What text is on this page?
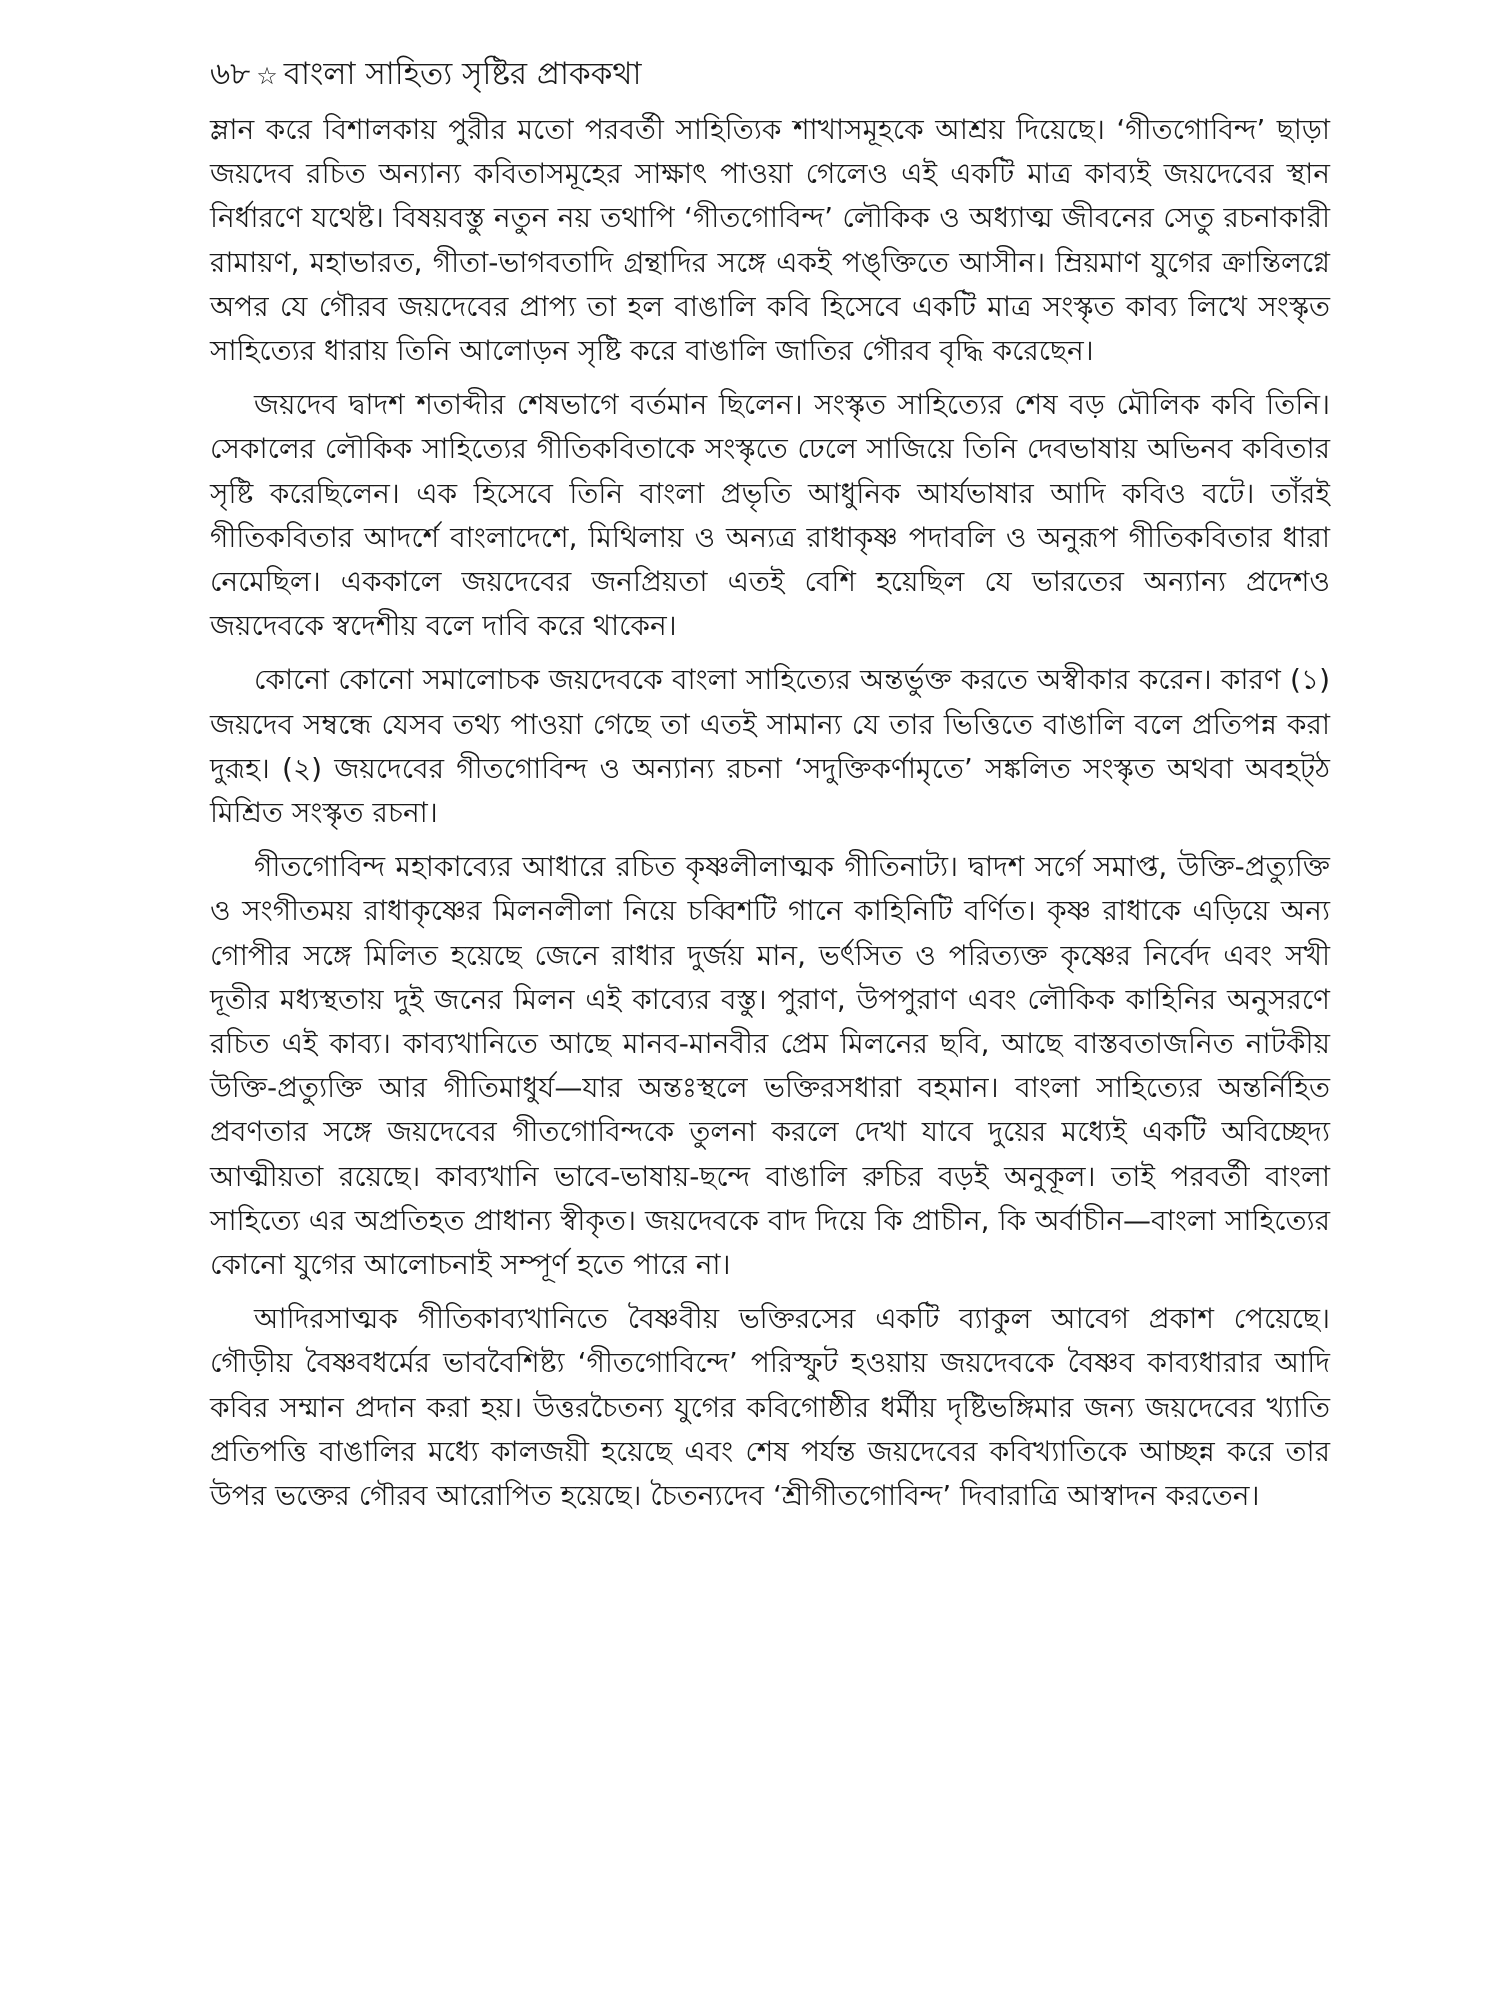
৬৮ ☆ বাংলা সাহিত্য সৃষ্টির প্রাককথা

ম্লান করে বিশালকায় পুরীর মতো পরবর্তী সাহিত্যিক শাখাসমূহকে আশ্রয় দিয়েছে। ‘গীতগোবিন্দ’ ছাড়া জয়দেব রচিত অন্যান্য কবিতাসমূহের সাক্ষাৎ পাওয়া গেলেও এই একটি মাত্র কাব্যই জয়দেবের স্থান নির্ধারণে যথেষ্ট। বিষয়বস্তু নতুন নয় তথাপি ‘গীতগোবিন্দ’ লৌকিক ও অধ্যাত্ম জীবনের সেতু রচনাকারী রামায়ণ, মহাভারত, গীতা-ভাগবতাদি গ্রন্থাদির সঙ্গে একই পঙ্‌ক্তিতে আসীন। ম্রিয়মাণ যুগের ক্রান্তিলগ্নে অপর যে গৌরব জয়দেবের প্রাপ্য তা হল বাঙালি কবি হিসেবে একটি মাত্র সংস্কৃত কাব্য লিখে সংস্কৃত সাহিত্যের ধারায় তিনি আলোড়ন সৃষ্টি করে বাঙালি জাতির গৌরব বৃদ্ধি করেছেন।

জয়দেব দ্বাদশ শতাব্দীর শেষভাগে বর্তমান ছিলেন। সংস্কৃত সাহিত্যের শেষ বড় মৌলিক কবি তিনি। সেকালের লৌকিক সাহিত্যের গীতিকবিতাকে সংস্কৃতে ঢেলে সাজিয়ে তিনি দেবভাষায় অভিনব কবিতার সৃষ্টি করেছিলেন। এক হিসেবে তিনি বাংলা প্রভৃতি আধুনিক আর্যভাষার আদি কবিও বটে। তাঁরই গীতিকবিতার আদর্শে বাংলাদেশে, মিথিলায় ও অন্যত্র রাধাকৃষ্ণ পদাবলি ও অনুরূপ গীতিকবিতার ধারা নেমেছিল। এককালে জয়দেবের জনপ্রিয়তা এতই বেশি হয়েছিল যে ভারতের অন্যান্য প্রদেশও জয়দেবকে স্বদেশীয় বলে দাবি করে থাকেন।

কোনো কোনো সমালোচক জয়দেবকে বাংলা সাহিত্যের অন্তর্ভুক্ত করতে অস্বীকার করেন। কারণ (১) জয়দেব সম্বন্ধে যেসব তথ্য পাওয়া গেছে তা এতই সামান্য যে তার ভিত্তিতে বাঙালি বলে প্রতিপন্ন করা দুরূহ। (২) জয়দেবের গীতগোবিন্দ ও অন্যান্য রচনা ‘সদুক্তিকর্ণামৃতে’ সঙ্কলিত সংস্কৃত অথবা অবহট্‌ঠ মিশ্রিত সংস্কৃত রচনা।

গীতগোবিন্দ মহাকাব্যের আধারে রচিত কৃষ্ণলীলাত্মক গীতিনাট্য। দ্বাদশ সর্গে সমাপ্ত, উক্তি-প্রত্যুক্তি ও সংগীতময় রাধাকৃষ্ণের মিলনলীলা নিয়ে চব্বিশটি গানে কাহিনিটি বর্ণিত। কৃষ্ণ রাধাকে এড়িয়ে অন্য গোপীর সঙ্গে মিলিত হয়েছে জেনে রাধার দুর্জয় মান, ভর্ৎসিত ও পরিত্যক্ত কৃষ্ণের নির্বেদ এবং সখী দূতীর মধ্যস্থতায় দুই জনের মিলন এই কাব্যের বস্তু। পুরাণ, উপপুরাণ এবং লৌকিক কাহিনির অনুসরণে রচিত এই কাব্য। কাব্যখানিতে আছে মানব-মানবীর প্রেম মিলনের ছবি, আছে বাস্তবতাজনিত নাটকীয় উক্তি-প্রত্যুক্তি আর গীতিমাধুর্য—যার অন্তঃস্থলে ভক্তিরসধারা বহমান। বাংলা সাহিত্যের অন্তর্নিহিত প্রবণতার সঙ্গে জয়দেবের গীতগোবিন্দকে তুলনা করলে দেখা যাবে দুয়ের মধ্যেই একটি অবিচ্ছেদ্য আত্মীয়তা রয়েছে। কাব্যখানি ভাবে-ভাষায়-ছন্দে বাঙালি রুচির বড়ই অনুকূল। তাই পরবর্তী বাংলা সাহিত্যে এর অপ্রতিহত প্রাধান্য স্বীকৃত। জয়দেবকে বাদ দিয়ে কি প্রাচীন, কি অর্বাচীন—বাংলা সাহিত্যের কোনো যুগের আলোচনাই সম্পূর্ণ হতে পারে না।

আদিরসাত্মক গীতিকাব্যখানিতে বৈষ্ণবীয় ভক্তিরসের একটি ব্যাকুল আবেগ প্রকাশ পেয়েছে। গৌড়ীয় বৈষ্ণবধর্মের ভাববৈশিষ্ট্য ‘গীতগোবিন্দে’ পরিস্ফুট হওয়ায় জয়দেবকে বৈষ্ণব কাব্যধারার আদি কবির সম্মান প্রদান করা হয়। উত্তরচৈতন্য যুগের কবিগোষ্ঠীর ধর্মীয় দৃষ্টিভঙ্গিমার জন্য জয়দেবের খ্যাতি প্রতিপত্তি বাঙালির মধ্যে কালজয়ী হয়েছে এবং শেষ পর্যন্ত জয়দেবের কবিখ্যাতিকে আচ্ছন্ন করে তার উপর ভক্তের গৌরব আরোপিত হয়েছে। চৈতন্যদেব ‘শ্রীগীতগোবিন্দ’ দিবারাত্রি আস্বাদন করতেন।
